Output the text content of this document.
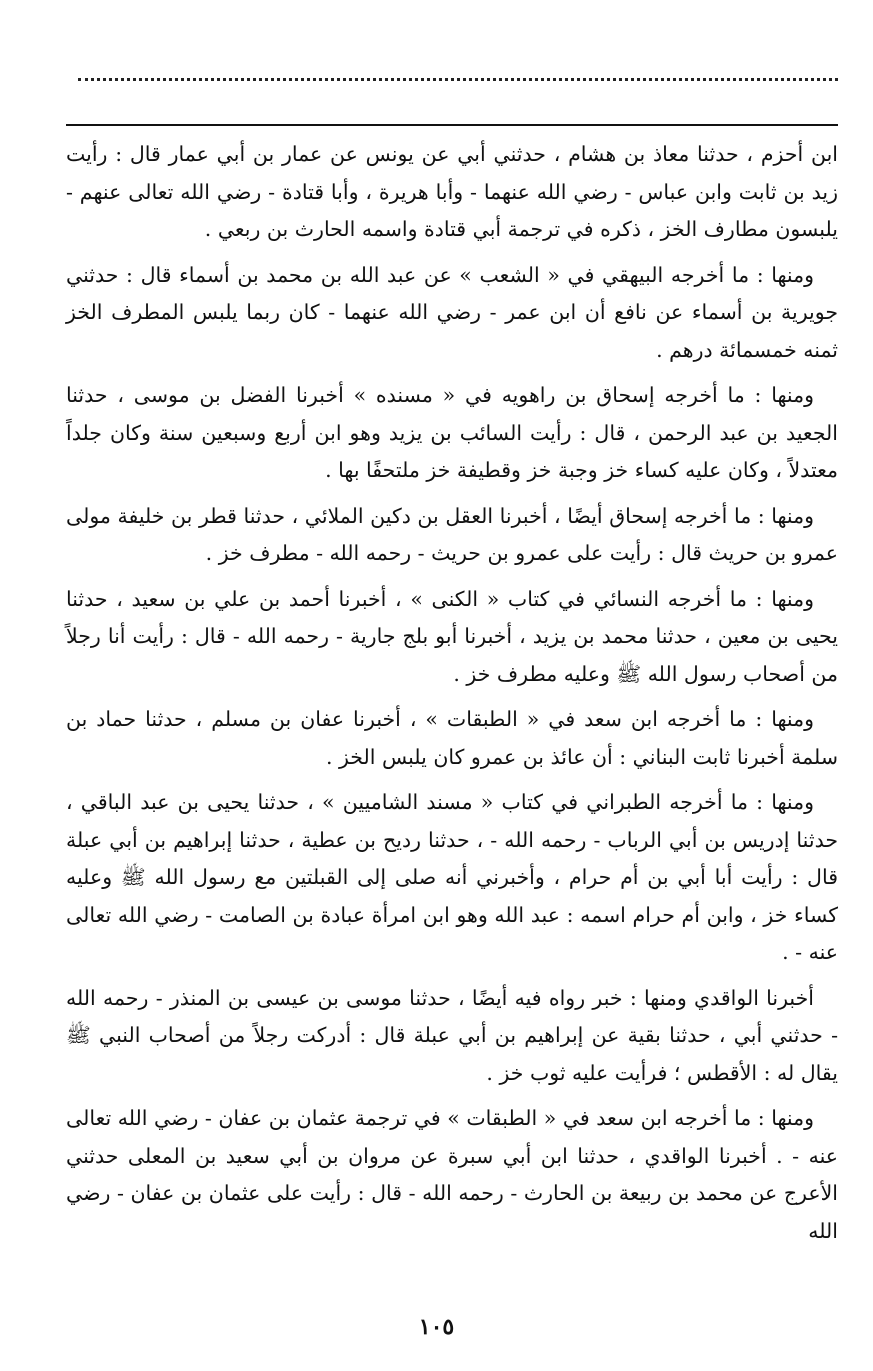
ابن أحزم ، حدثنا معاذ بن هشام ، حدثني أبي عن يونس عن عمار بن أبي عمار قال : رأيت زيد بن ثابت وابن عباس - رضي الله عنهما - وأبا هريرة ، وأبا قتادة - رضي الله تعالى عنهم - يلبسون مطارف الخز ، ذكره في ترجمة أبي قتادة واسمه الحارث بن ربعي .

ومنها : ما أخرجه البيهقي في « الشعب » عن عبد الله بن محمد بن أسماء قال : حدثني جويرية بن أسماء عن نافع أن ابن عمر - رضي الله عنهما - كان ربما يلبس المطرف الخز ثمنه خمسمائة درهم .

ومنها : ما أخرجه إسحاق بن راهويه في « مسنده » أخبرنا الفضل بن موسى ، حدثنا الجعيد بن عبد الرحمن ، قال : رأيت السائب بن يزيد وهو ابن أربع وسبعين سنة وكان جلداً معتدلاً ، وكان عليه كساء خز وجبة خز وقطيفة خز ملتحفًا بها .

ومنها : ما أخرجه إسحاق أيضًا ، أخبرنا العقل بن دكين الملائي ، حدثنا قطر بن خليفة مولى عمرو بن حريث قال : رأيت على عمرو بن حريث - رحمه الله - مطرف خز .

ومنها : ما أخرجه النسائي في كتاب « الكنى » ، أخبرنا أحمد بن علي بن سعيد ، حدثنا يحيى بن معين ، حدثنا محمد بن يزيد ، أخبرنا أبو بلج جارية - رحمه الله - قال : رأيت أنا رجلاً من أصحاب رسول الله ﷺ وعليه مطرف خز .

ومنها : ما أخرجه ابن سعد في « الطبقات » ، أخبرنا عفان بن مسلم ، حدثنا حماد بن سلمة أخبرنا ثابت البناني : أن عائذ بن عمرو كان يلبس الخز .

ومنها : ما أخرجه الطبراني في كتاب « مسند الشاميين » ، حدثنا يحيى بن عبد الباقي ، حدثنا إدريس بن أبي الرباب - رحمه الله - ، حدثنا رديح بن عطية ، حدثنا إبراهيم بن أبي عبلة قال : رأيت أبا أبي بن أم حرام ، وأخبرني أنه صلى إلى القبلتين مع رسول الله ﷺ وعليه كساء خز ، وابن أم حرام اسمه : عبد الله وهو ابن امرأة عبادة بن الصامت - رضي الله تعالى عنه - .

أخبرنا الواقدي ومنها : خبر رواه فيه أيضًا ، حدثنا موسى بن عيسى بن المنذر - رحمه الله - حدثني أبي ، حدثنا بقية عن إبراهيم بن أبي عبلة قال : أدركت رجلاً من أصحاب النبي ﷺ يقال له : الأقطس ؛ فرأيت عليه ثوب خز .

ومنها : ما أخرجه ابن سعد في « الطبقات » في ترجمة عثمان بن عفان - رضي الله تعالى عنه - . أخبرنا الواقدي ، حدثنا ابن أبي سبرة عن مروان بن أبي سعيد بن المعلى حدثني الأعرج عن محمد بن ربيعة بن الحارث - رحمه الله - قال : رأيت على عثمان بن عفان - رضي الله

١٠٥
